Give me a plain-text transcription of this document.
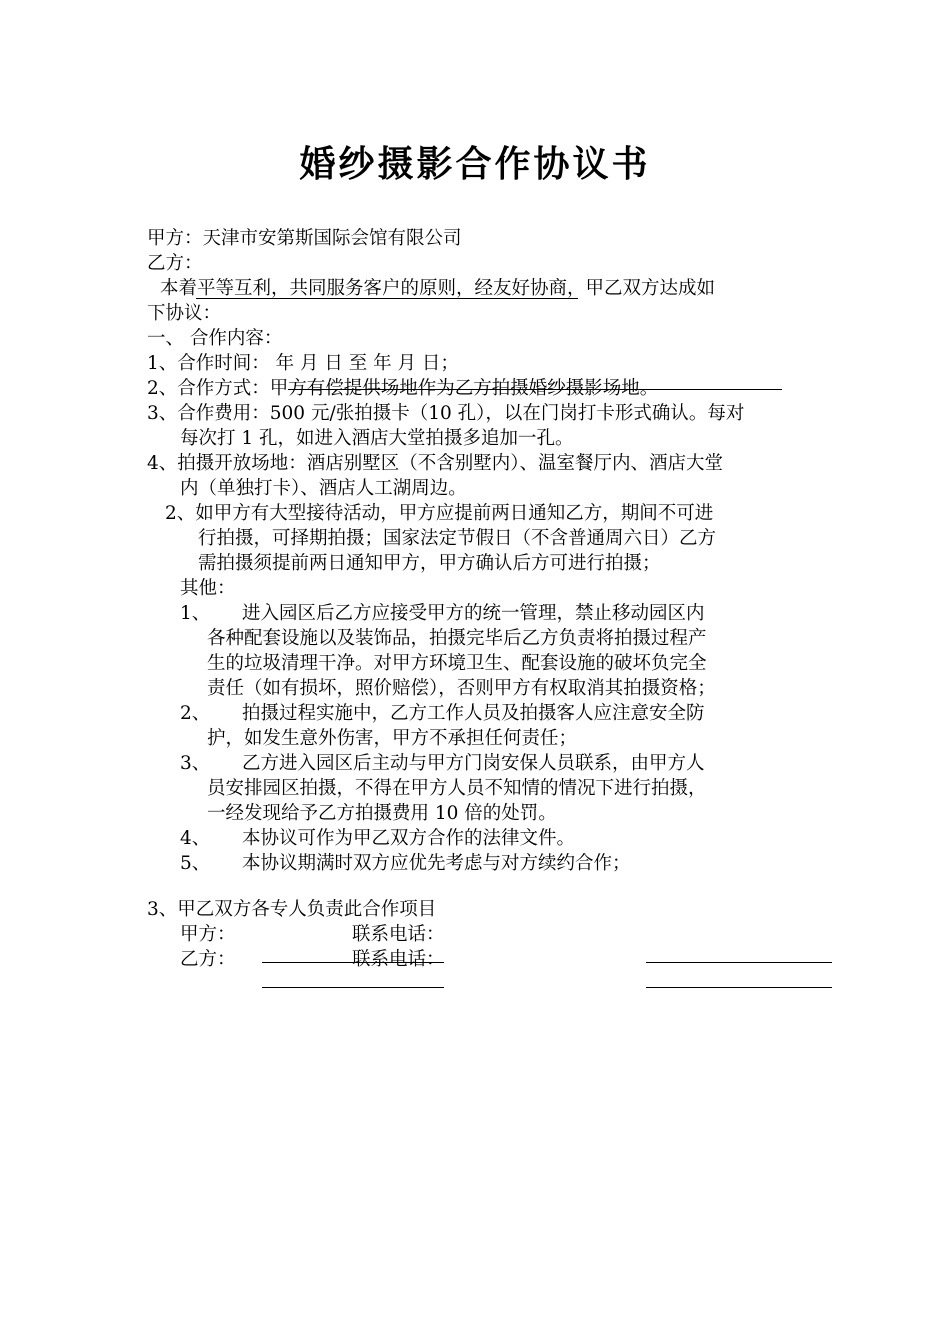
婚纱摄影合作协议书
甲方：天津市安第斯国际会馆有限公司
乙方：
本着平等互利，共同服务客户的原则，经友好协商，甲乙双方达成如
下协议：
一、 合作内容：
1、合作时间： 年 月 日 至 年 月 日；
2、合作方式：甲方有偿提供场地作为乙方拍摄婚纱摄影场地。
3、合作费用：500 元/张拍摄卡（10 孔），以在门岗打卡形式确认。每对
每次打 1 孔，如进入酒店大堂拍摄多追加一孔。
4、拍摄开放场地：酒店别墅区（不含别墅内）、温室餐厅内、酒店大堂
内（单独打卡）、酒店人工湖周边。
2、如甲方有大型接待活动，甲方应提前两日通知乙方，期间不可进
行拍摄，可择期拍摄；国家法定节假日（不含普通周六日）乙方
需拍摄须提前两日通知甲方，甲方确认后方可进行拍摄；
其他：
1、 进入园区后乙方应接受甲方的统一管理，禁止移动园区内
各种配套设施以及装饰品，拍摄完毕后乙方负责将拍摄过程产
生的垃圾清理干净。对甲方环境卫生、配套设施的破坏负完全
责任（如有损坏，照价赔偿），否则甲方有权取消其拍摄资格；
2、 拍摄过程实施中，乙方工作人员及拍摄客人应注意安全防
护，如发生意外伤害，甲方不承担任何责任；
3、 乙方进入园区后主动与甲方门岗安保人员联系，由甲方人
员安排园区拍摄，不得在甲方人员不知情的情况下进行拍摄，
一经发现给予乙方拍摄费用 10 倍的处罚。
4、 本协议可作为甲乙双方合作的法律文件。
5、 本协议期满时双方应优先考虑与对方续约合作；
3、甲乙双方各专人负责此合作项目
甲方：	联系电话：
乙方：	联系电话：
